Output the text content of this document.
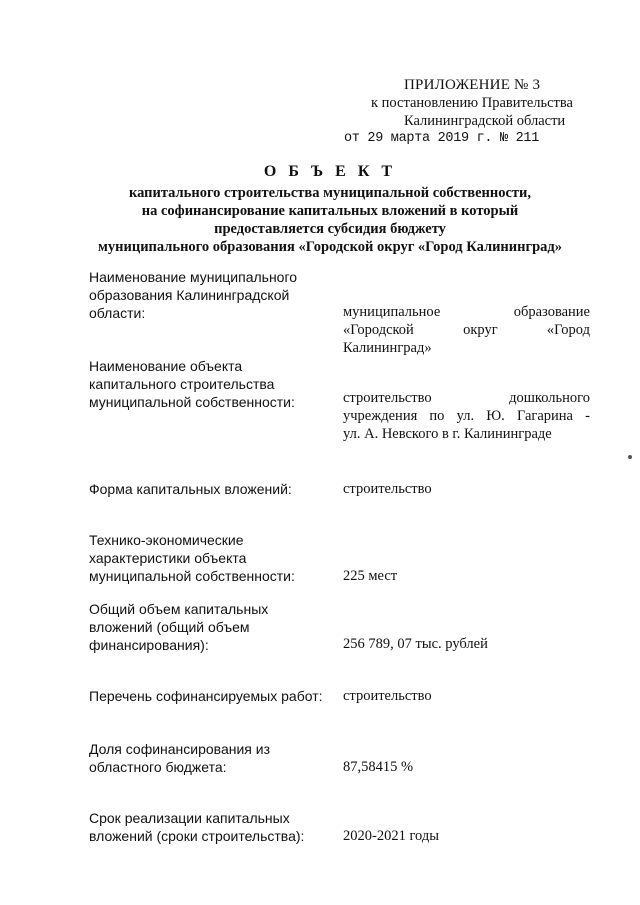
ПРИЛОЖЕНИЕ № 3
к постановлению Правительства
Калининградской области
от 29 марта 2019 г. № 211
О Б Ъ Е К Т
капитального строительства муниципальной собственности,
на софинансирование капитальных вложений в который
предоставляется субсидия бюджету
муниципального образования «Городской округ «Город Калининград»

Наименование муниципального образования Калининградской области:	муниципальное образование
«Городской округ «Город
Калининград»

Наименование объекта капитального строительства муниципальной собственности:	строительство дошкольного
учреждения по ул. Ю. Гагарина -
ул. А. Невского в г. Калининграде

Форма капитальных вложений:	строительство

Технико-экономические характеристики объекта муниципальной собственности:	225 мест

Общий объем капитальных вложений (общий объем финансирования):	256 789, 07 тыс. рублей

Перечень софинансируемых работ:	строительство

Доля софинансирования из областного бюджета:	87,58415 %

Срок реализации капитальных вложений (сроки строительства):	2020-2021 годы
